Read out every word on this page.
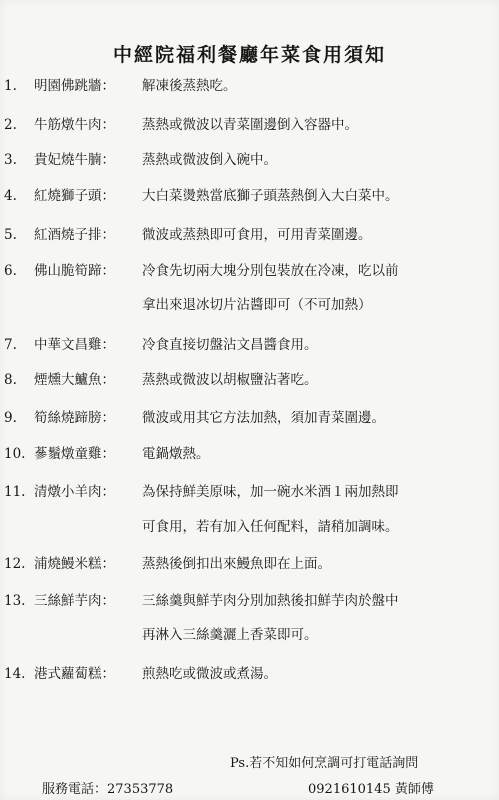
中經院福利餐廳年菜食用須知
1.	明園佛跳牆： 解凍後蒸熱吃。
2.	牛筋燉牛肉： 蒸熱或微波以青菜圍邊倒入容器中。
3.	貴妃燒牛腩： 蒸熱或微波倒入碗中。
4.	紅燒獅子頭： 大白菜燙熟當底獅子頭蒸熱倒入大白菜中。
5.	紅酒燒子排： 微波或蒸熱即可食用，可用青菜圍邊。
6.	佛山脆筍蹄： 冷食先切兩大塊分別包裝放在冷凍，吃以前
拿出來退冰切片沾醬即可（不可加熱）
7.	中華文昌雞： 冷食直接切盤沾文昌醬食用。
8.	煙燻大鱸魚： 蒸熱或微波以胡椒鹽沾著吃。
9.	筍絲燒蹄膀： 微波或用其它方法加熱，須加青菜圍邊。
10. 蔘鬚燉童雞： 電鍋燉熱。
11. 清燉小羊肉： 為保持鮮美原味，加一碗水米酒１兩加熱即
可食用，若有加入任何配料，請稍加調味。
12. 浦燒鰻米糕： 蒸熱後倒扣出來鰻魚即在上面。
13. 三絲鮮芋肉： 三絲羹與鮮芋肉分別加熱後扣鮮芋肉於盤中
再淋入三絲羹灑上香菜即可。
14. 港式蘿蔔糕： 煎熱吃或微波或煮湯。
Ps.若不知如何烹調可打電話詢問
服務電話：27353778	0921610145 黃師傅
